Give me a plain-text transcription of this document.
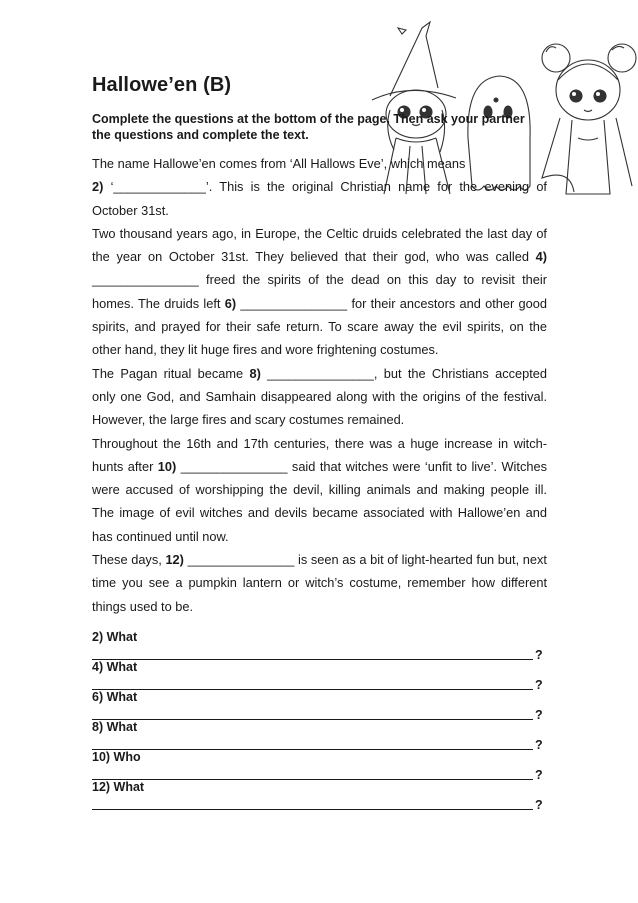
Hallowe’en (B)

Complete the questions at the bottom of the page. Then ask your partner the questions and complete the text.

The name Hallowe’en comes from ‘All Hallows Eve’, which means
2) ‘_____________’. This is the original Christian name for the evening of October 31st.

Two thousand years ago, in Europe, the Celtic druids celebrated the last day of the year on October 31st. They believed that their god, who was called 4) _______________ freed the spirits of the dead on this day to revisit their homes. The druids left 6) _______________ for their ancestors and other good spirits, and prayed for their safe return. To scare away the evil spirits, on the other hand, they lit huge fires and wore frightening costumes.

The Pagan ritual became 8) _______________, but the Christians accepted only one God, and Samhain disappeared along with the origins of the festival. However, the large fires and scary costumes remained.

Throughout the 16th and 17th centuries, there was a huge increase in witch-hunts after 10) _______________ said that witches were ‘unfit to live’. Witches were accused of worshipping the devil, killing animals and making people ill. The image of evil witches and devils became associated with Hallowe’en and has continued until now.

These days, 12) _______________ is seen as a bit of light-hearted fun but, next time you see a pumpkin lantern or witch’s costume, remember how different things used to be.

2) What
?
4) What
?
6) What
?
8) What
?
10) Who
?
12) What
?
